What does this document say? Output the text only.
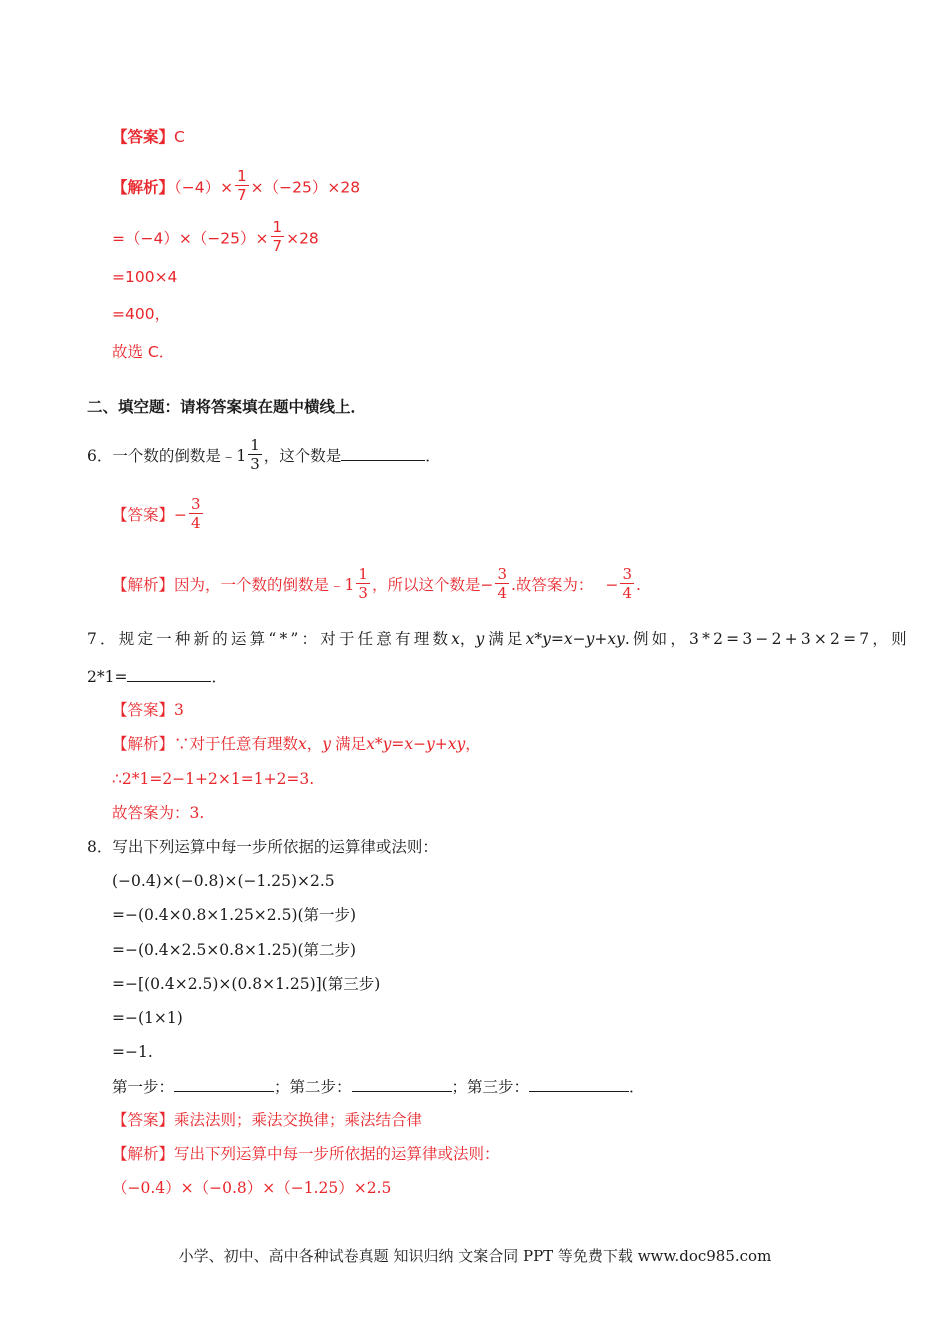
【答案】C
【解析】$(-4)\times \frac{1}{7} \times(-25)\times 28$
$=(-4)\times(-25)\times \frac{1}{7} \times 28$
=100×4
=400，
故选 C．
二、填空题：请将答案填在题中横线上．
6．一个数的倒数是﹣1 $\frac{1}{3}$ ，这个数是	．
【答案】− $\frac{3}{4}$
【解析】因为，一个数的倒数是﹣1 $\frac{1}{3}$ ，所以这个数是− $\frac{3}{4}$ .故答案为： − $\frac{3}{4}$ .
7．规定一种新的运算“*”：对于任意有理数x，y 满足x*y=x−y+xy.例如，3*2=3−2+3×2=7，则
2*1=	．
【答案】3
【解析】∵对于任意有理数x，y 满足x*y=x−y+xy，
∴2*1=2−1+2×1=1+2=3.
故答案为：3.
8．写出下列运算中每一步所依据的运算律或法则：
(−0.4)×(−0.8)×(−1.25)×2.5
=−(0.4×0.8×1.25×2.5)(第一步)
=−(0.4×2.5×0.8×1.25)(第二步)
=−[(0.4×2.5)×(0.8×1.25)](第三步)
=−(1×1)
=−1.
第一步：	；第二步：	；第三步：	．
【答案】乘法法则；乘法交换律；乘法结合律
【解析】写出下列运算中每一步所依据的运算律或法则：
（−0.4）×（−0.8）×（−1.25）×2.5
小学、初中、高中各种试卷真题 知识归纳 文案合同 PPT 等免费下载 www.doc985.com
